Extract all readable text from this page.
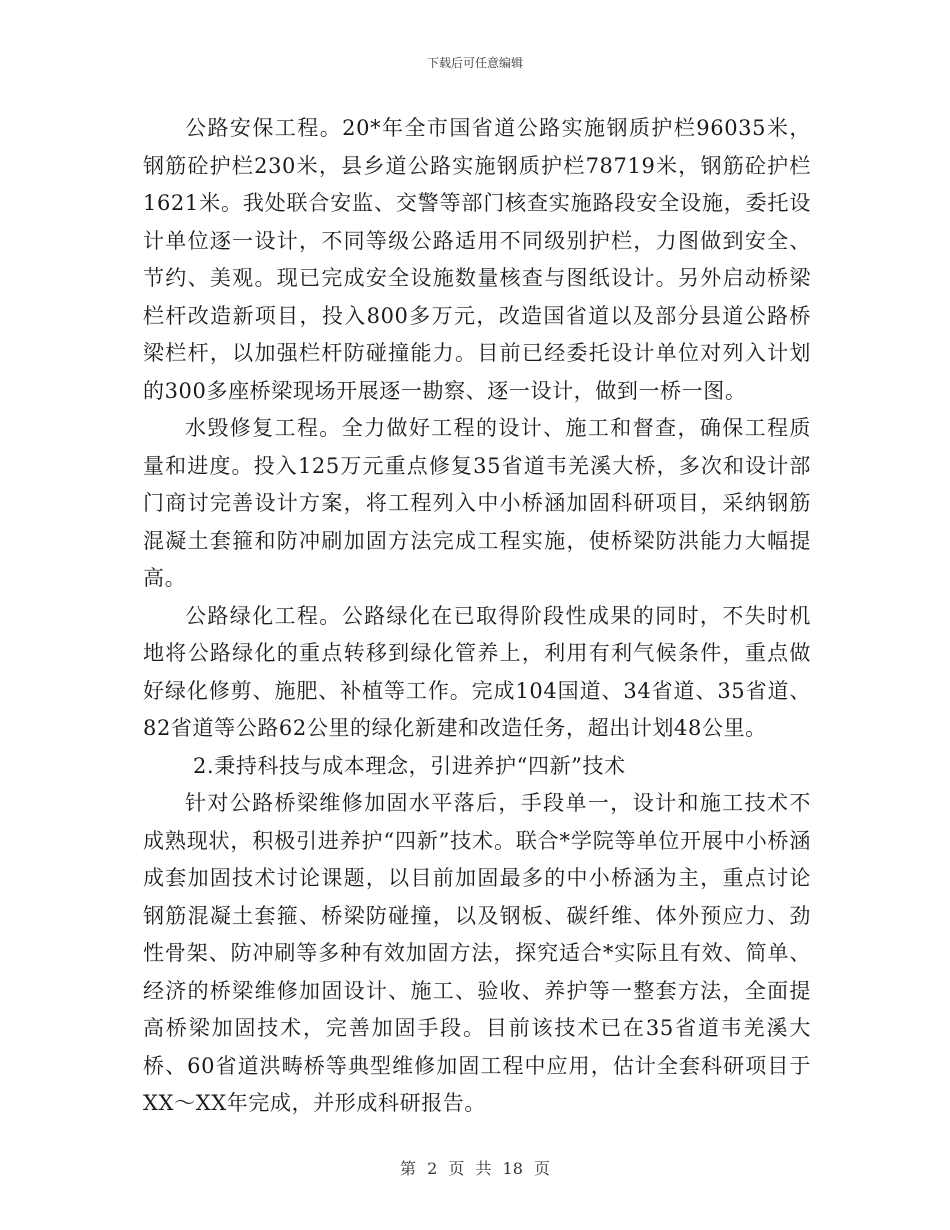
下载后可任意编辑

公路安保工程。20*年全市国省道公路实施钢质护栏96035米，钢筋砼护栏230米，县乡道公路实施钢质护栏78719米，钢筋砼护栏1621米。我处联合安监、交警等部门核查实施路段安全设施，委托设计单位逐一设计，不同等级公路适用不同级别护栏，力图做到安全、节约、美观。现已完成安全设施数量核查与图纸设计。另外启动桥梁栏杆改造新项目，投入800多万元，改造国省道以及部分县道公路桥梁栏杆，以加强栏杆防碰撞能力。目前已经委托设计单位对列入计划的300多座桥梁现场开展逐一勘察、逐一设计，做到一桥一图。

水毁修复工程。全力做好工程的设计、施工和督查，确保工程质量和进度。投入125万元重点修复35省道韦羌溪大桥，多次和设计部门商讨完善设计方案，将工程列入中小桥涵加固科研项目，采纳钢筋混凝土套箍和防冲刷加固方法完成工程实施，使桥梁防洪能力大幅提高。

公路绿化工程。公路绿化在已取得阶段性成果的同时，不失时机地将公路绿化的重点转移到绿化管养上，利用有利气候条件，重点做好绿化修剪、施肥、补植等工作。完成104国道、34省道、35省道、82省道等公路62公里的绿化新建和改造任务，超出计划48公里。

2.秉持科技与成本理念，引进养护“四新”技术

针对公路桥梁维修加固水平落后，手段单一，设计和施工技术不成熟现状，积极引进养护“四新”技术。联合*学院等单位开展中小桥涵成套加固技术讨论课题，以目前加固最多的中小桥涵为主，重点讨论钢筋混凝土套箍、桥梁防碰撞，以及钢板、碳纤维、体外预应力、劲性骨架、防冲刷等多种有效加固方法，探究适合*实际且有效、简单、经济的桥梁维修加固设计、施工、验收、养护等一整套方法，全面提高桥梁加固技术，完善加固手段。目前该技术已在35省道韦羌溪大桥、60省道洪畴桥等典型维修加固工程中应用，估计全套科研项目于XX～XX年完成，并形成科研报告。

第 2 页 共 18 页
